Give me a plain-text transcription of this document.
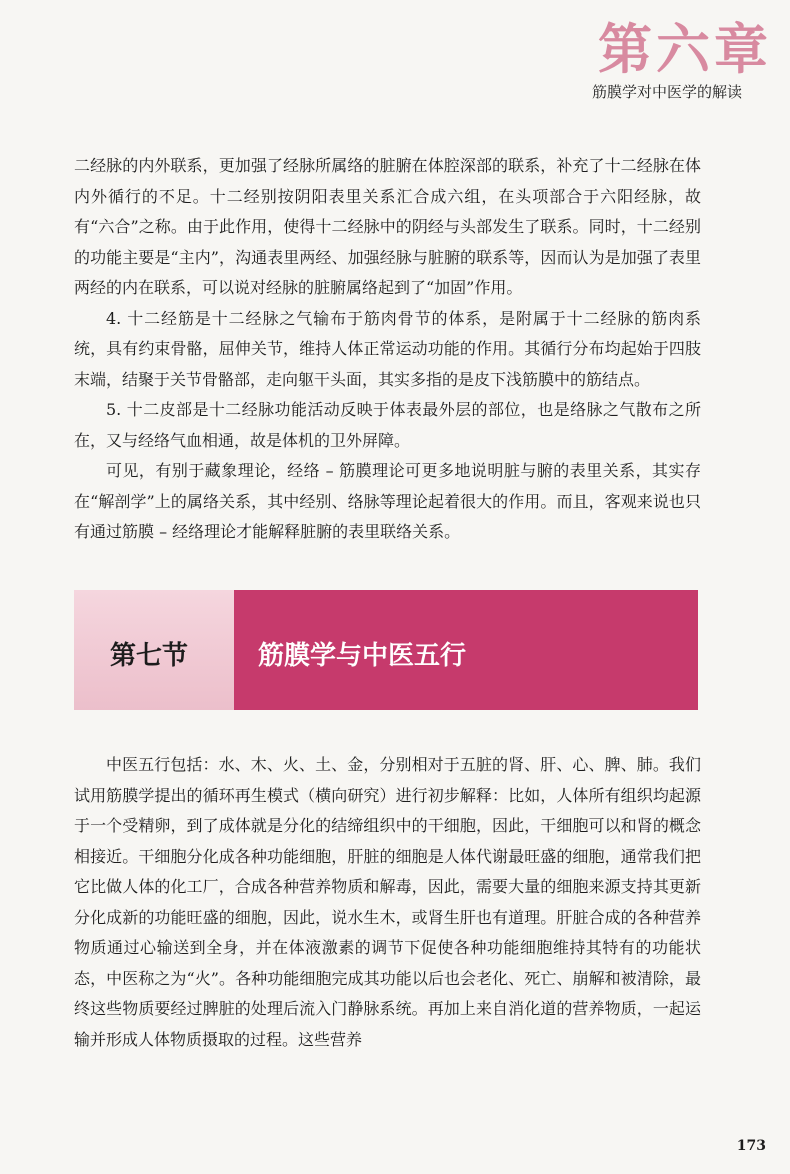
第六章
筋膜学对中医学的解读

二经脉的内外联系，更加强了经脉所属络的脏腑在体腔深部的联系，补充了十二经脉在体内外循行的不足。十二经别按阴阳表里关系汇合成六组，在头项部合于六阳经脉，故有“六合”之称。由于此作用，使得十二经脉中的阴经与头部发生了联系。同时，十二经别的功能主要是“主内”，沟通表里两经、加强经脉与脏腑的联系等，因而认为是加强了表里两经的内在联系，可以说对经脉的脏腑属络起到了“加固”作用。

4. 十二经筋是十二经脉之气输布于筋肉骨节的体系，是附属于十二经脉的筋肉系统，具有约束骨骼，屈伸关节，维持人体正常运动功能的作用。其循行分布均起始于四肢末端，结聚于关节骨骼部，走向躯干头面，其实多指的是皮下浅筋膜中的筋结点。

5. 十二皮部是十二经脉功能活动反映于体表最外层的部位，也是络脉之气散布之所在，又与经络气血相通，故是体机的卫外屏障。

可见，有别于藏象理论，经络 – 筋膜理论可更多地说明脏与腑的表里关系，其实存在“解剖学”上的属络关系，其中经别、络脉等理论起着很大的作用。而且，客观来说也只有通过筋膜 – 经络理论才能解释脏腑的表里联络关系。

第七节	筋膜学与中医五行

中医五行包括：水、木、火、土、金，分别相对于五脏的肾、肝、心、脾、肺。我们试用筋膜学提出的循环再生模式（横向研究）进行初步解释：比如，人体所有组织均起源于一个受精卵，到了成体就是分化的结缔组织中的干细胞，因此，干细胞可以和肾的概念相接近。干细胞分化成各种功能细胞，肝脏的细胞是人体代谢最旺盛的细胞，通常我们把它比做人体的化工厂，合成各种营养物质和解毒，因此，需要大量的细胞来源支持其更新分化成新的功能旺盛的细胞，因此，说水生木，或肾生肝也有道理。肝脏合成的各种营养物质通过心输送到全身，并在体液激素的调节下促使各种功能细胞维持其特有的功能状态，中医称之为“火”。各种功能细胞完成其功能以后也会老化、死亡、崩解和被清除，最终这些物质要经过脾脏的处理后流入门静脉系统。再加上来自消化道的营养物质，一起运输并形成人体物质摄取的过程。这些营养

173
